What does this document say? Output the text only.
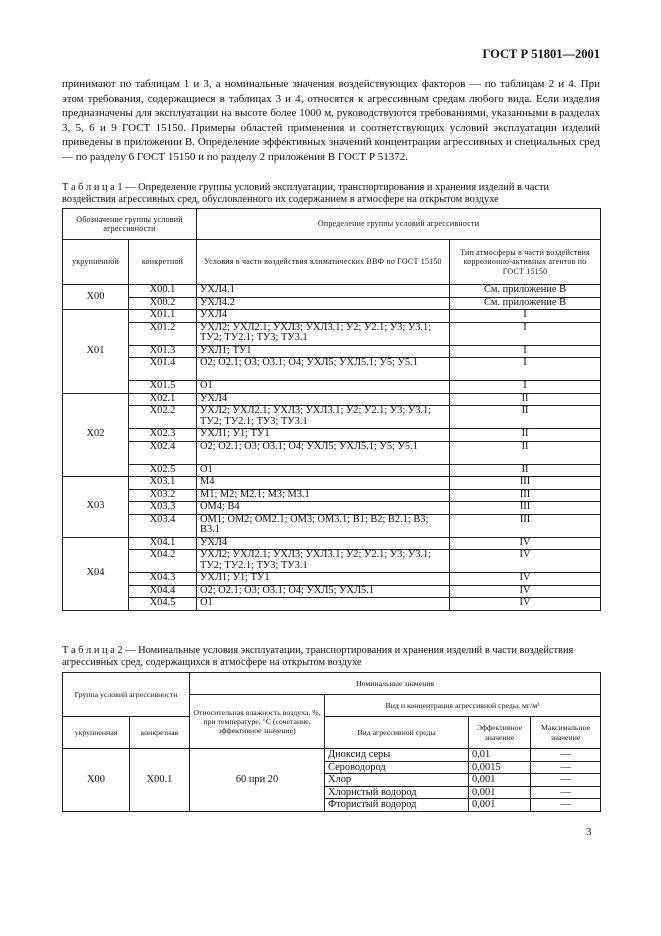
ГОСТ Р 51801—2001
принимают по таблицам 1 и 3, а номинальные значения воздействующих факторов — по таблицам 2 и 4. При этом требования, содержащиеся в таблицах 3 и 4, относятся к агрессивным средам любого вида. Если изделия предназначены для эксплуатации на высоте более 1000 м, руководствуются требованиями, указанными в разделах 3, 5, 6 и 9 ГОСТ 15150. Примеры областей применения и соответствующих условий эксплуатации изделий приведены в приложении В. Определение эффективных значений концентрации агрессивных и специальных сред — по разделу 6 ГОСТ 15150 и по разделу 2 приложения В ГОСТ Р 51372.
Т а б л и ц а 1 — Определение группы условий эксплуатации, транспортирования и хранения изделий в части воздействия агрессивных сред, обусловленного их содержанием в атмосфере на открытом воздухе
Обозначение группы условий агрессивности		Определение группы условий агрессивности	
укрупненной	конкретной	Условия в части воздействия климатических ВВФ по ГОСТ 15150	Тип атмосферы в части воздействия коррозионно-активных агентов по ГОСТ 15150
Х00	Х00.1	УХЛ4.1	См. приложение В
	Х00.2	УХЛ4.2	См. приложение В
Х01	Х01.1	УХЛ4	I
	Х01.2	УХЛ2; УХЛ2.1; УХЛ3; УХЛ3.1; У2; У2.1; У3; У3.1; ТУ2; ТУ2.1; ТУ3; ТУ3.1	I
	Х01.3	УХЛ1; ТУ1	I
	Х01.4	О2; О2.1; О3; О3.1; О4; УХЛ5; УХЛ5.1; У5; У5.1	I
	Х01.5	О1	I
Х02	Х02.1	УХЛ4	II
	Х02.2	УХЛ2; УХЛ2.1; УХЛ3; УХЛ3.1; У2; У2.1; У3; У3.1; ТУ2; ТУ2.1; ТУ3; ТУ3.1	II
	Х02.3	УХЛ1; У1; ТУ1	II
	Х02.4	О2; О2.1; О3; О3.1; О4; УХЛ5; УХЛ5.1; У5; У5.1	II
	Х02.5	О1	II
Х03	Х03.1	М4	III
	Х03.2	М1; М2; М2.1; М3; М3.1	III
	Х03.3	ОМ4; В4	III
	Х03.4	ОМ1; ОМ2; ОМ2.1; ОМ3; ОМ3.1; В1; В2; В2.1; В3; В3.1	III
Х04	Х04.1	УХЛ4	IV
	Х04.2	УХЛ2; УХЛ2.1; УХЛ3; УХЛ3.1; У2; У2.1; У3; У3.1; ТУ2; ТУ2.1; ТУ3; ТУ3.1	IV
	Х04.3	УХЛ1; У1; ТУ1	IV
	Х04.4	О2; О2.1; О3; О3.1; О4; УХЛ5; УХЛ5.1	IV
	Х04.5	О1	IV
Т а б л и ц а 2 — Номинальные условия эксплуатации, транспортирования и хранения изделий в части воздействия агрессивных сред, содержащихся в атмосфере на открытом воздухе
Группа условий агрессивности		Номинальные значения			
		Относительная влажность воздуха, %, при температуре, °С (сочетание, эффективное значение)	Вид и концентрация агрессивной среды, мг/м³		
укрупненная	конкретная		Вид агрессивной среды	Эффективное значение	Максимальное значение
Х00	Х00.1	60 при 20	Диоксид серы	0,01	—
			Сероводород	0,0015	—
			Хлор	0,001	—
			Хлористый водород	0,001	—
			Фтористый водород	0,001	—
3
